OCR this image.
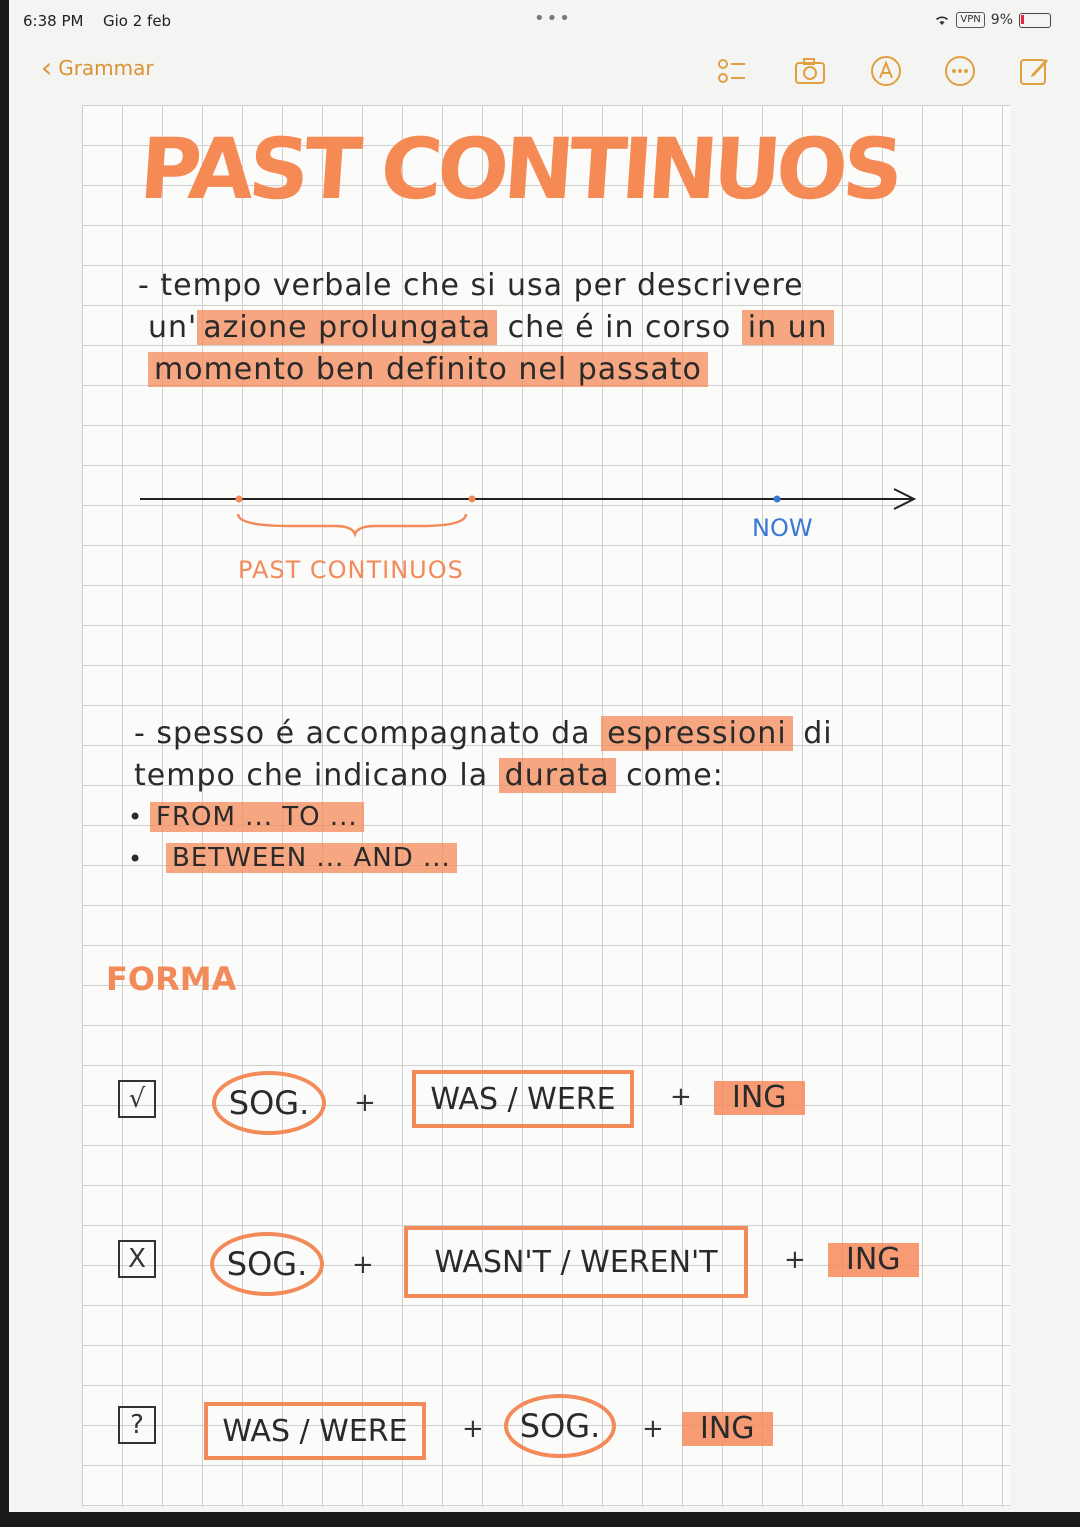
6:38 PM Gio 2 feb	•••	VPN 9%
‹ Grammar
PAST CONTINUOS
- tempo verbale che si usa per descrivere
un' azione prolungata che é in corso in un
momento ben definito nel passato
PAST CONTINUOS
NOW
- spesso é accompagnato da espressioni di
tempo che indicano la durata come:
• FROM ... TO ...
• BETWEEN ... AND ...
FORMA
√	SOG.	+	WAS / WERE	+	ING
X	SOG.	+	WASN'T / WEREN'T	+	ING
?	WAS / WERE	+	SOG.	+	ING
